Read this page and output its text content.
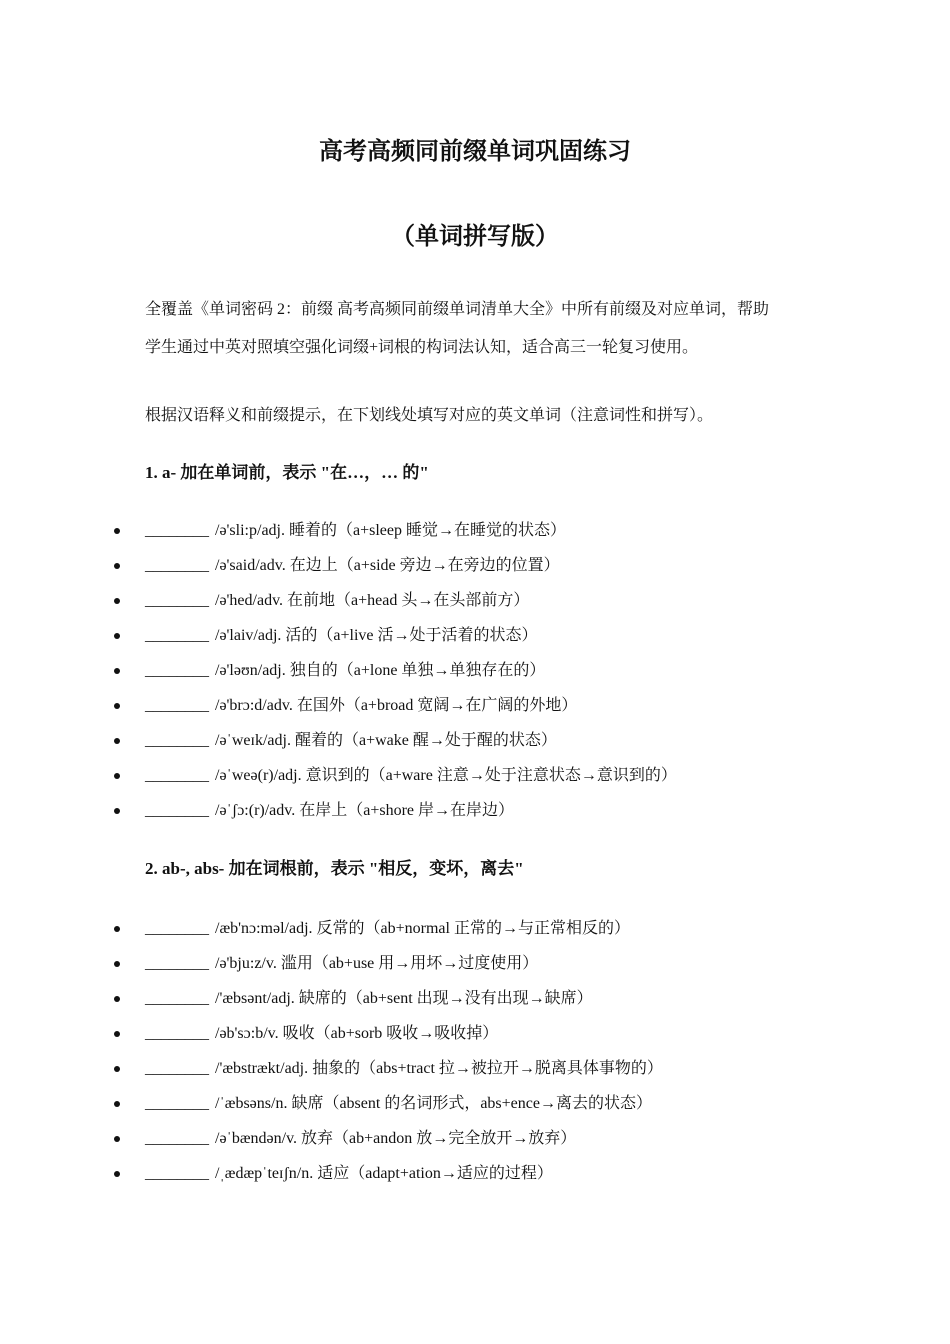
高考高频同前缀单词巩固练习
（单词拼写版）
全覆盖《单词密码 2：前缀 高考高频同前缀单词清单大全》中所有前缀及对应单词，帮助
学生通过中英对照填空强化词缀+词根的构词法认知，适合高三一轮复习使用。
根据汉语释义和前缀提示，在下划线处填写对应的英文单词（注意词性和拼写）。
1. a- 加在单词前，表示 "在…，… 的"
________ /ə'sli:p/adj. 睡着的（a+sleep 睡觉→在睡觉的状态）
________ /ə'said/adv. 在边上（a+side 旁边→在旁边的位置）
________ /ə'hed/adv. 在前地（a+head 头→在头部前方）
________ /ə'laiv/adj. 活的（a+live 活→处于活着的状态）
________ /ə'ləʊn/adj. 独自的（a+lone 单独→单独存在的）
________ /ə'brɔ:d/adv. 在国外（a+broad 宽阔→在广阔的外地）
________ /əˈweɪk/adj. 醒着的（a+wake 醒→处于醒的状态）
________ /əˈweə(r)/adj. 意识到的（a+ware 注意→处于注意状态→意识到的）
________ /əˈʃɔ:(r)/adv. 在岸上（a+shore 岸→在岸边）
2. ab-, abs- 加在词根前，表示 "相反，变坏，离去"
________ /æb'nɔ:məl/adj. 反常的（ab+normal 正常的→与正常相反的）
________ /ə'bju:z/v. 滥用（ab+use 用→用坏→过度使用）
________ /'æbsənt/adj. 缺席的（ab+sent 出现→没有出现→缺席）
________ /əb'sɔ:b/v. 吸收（ab+sorb 吸收→吸收掉）
________ /'æbstrækt/adj. 抽象的（abs+tract 拉→被拉开→脱离具体事物的）
________ /ˈæbsəns/n. 缺席（absent 的名词形式，abs+ence→离去的状态）
________ /əˈbændən/v. 放弃（ab+andon 放→完全放开→放弃）
________ /ˌædæpˈteɪʃn/n. 适应（adapt+ation→适应的过程）
